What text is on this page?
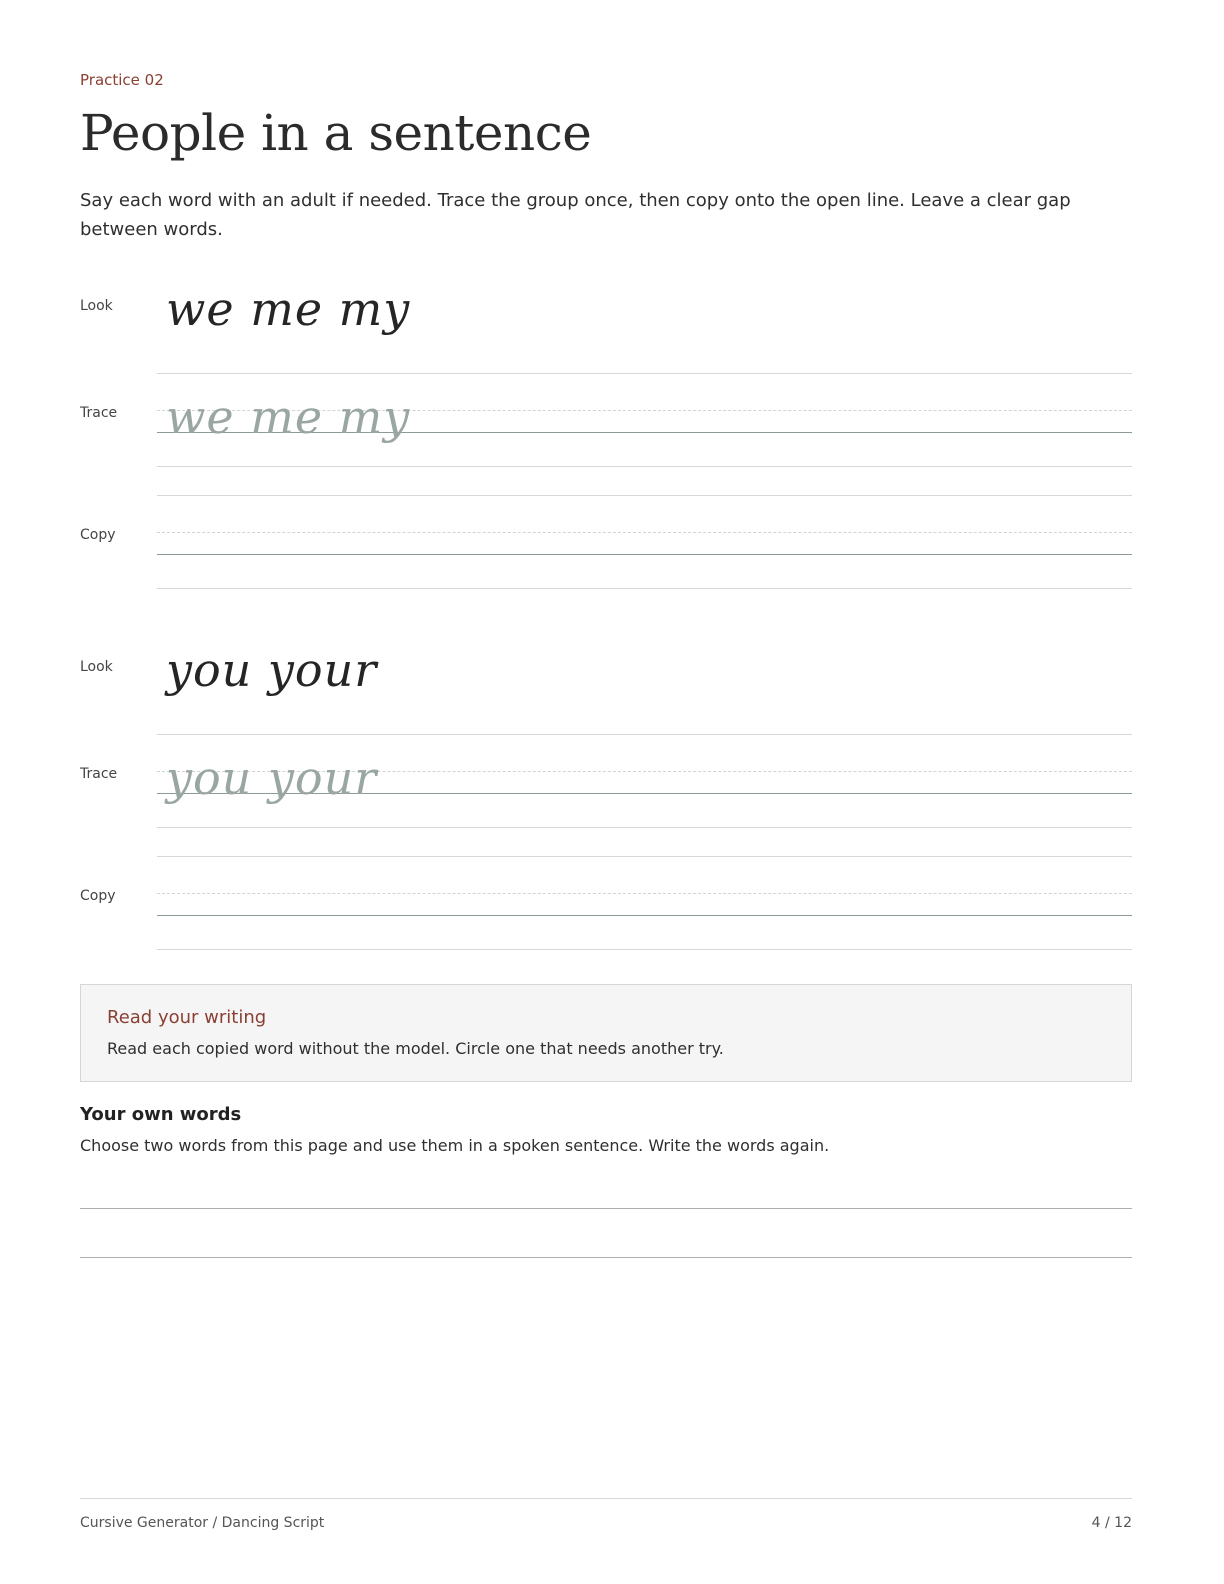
Practice 02
People in a sentence
Say each word with an adult if needed. Trace the group once, then copy onto the open line. Leave a clear gap between words.
Look we me my
Trace we me my
Copy
Look you your
Trace you your
Copy
Read your writing
Read each copied word without the model. Circle one that needs another try.
Your own words
Choose two words from this page and use them in a spoken sentence. Write the words again.
Cursive Generator / Dancing Script	4 / 12
